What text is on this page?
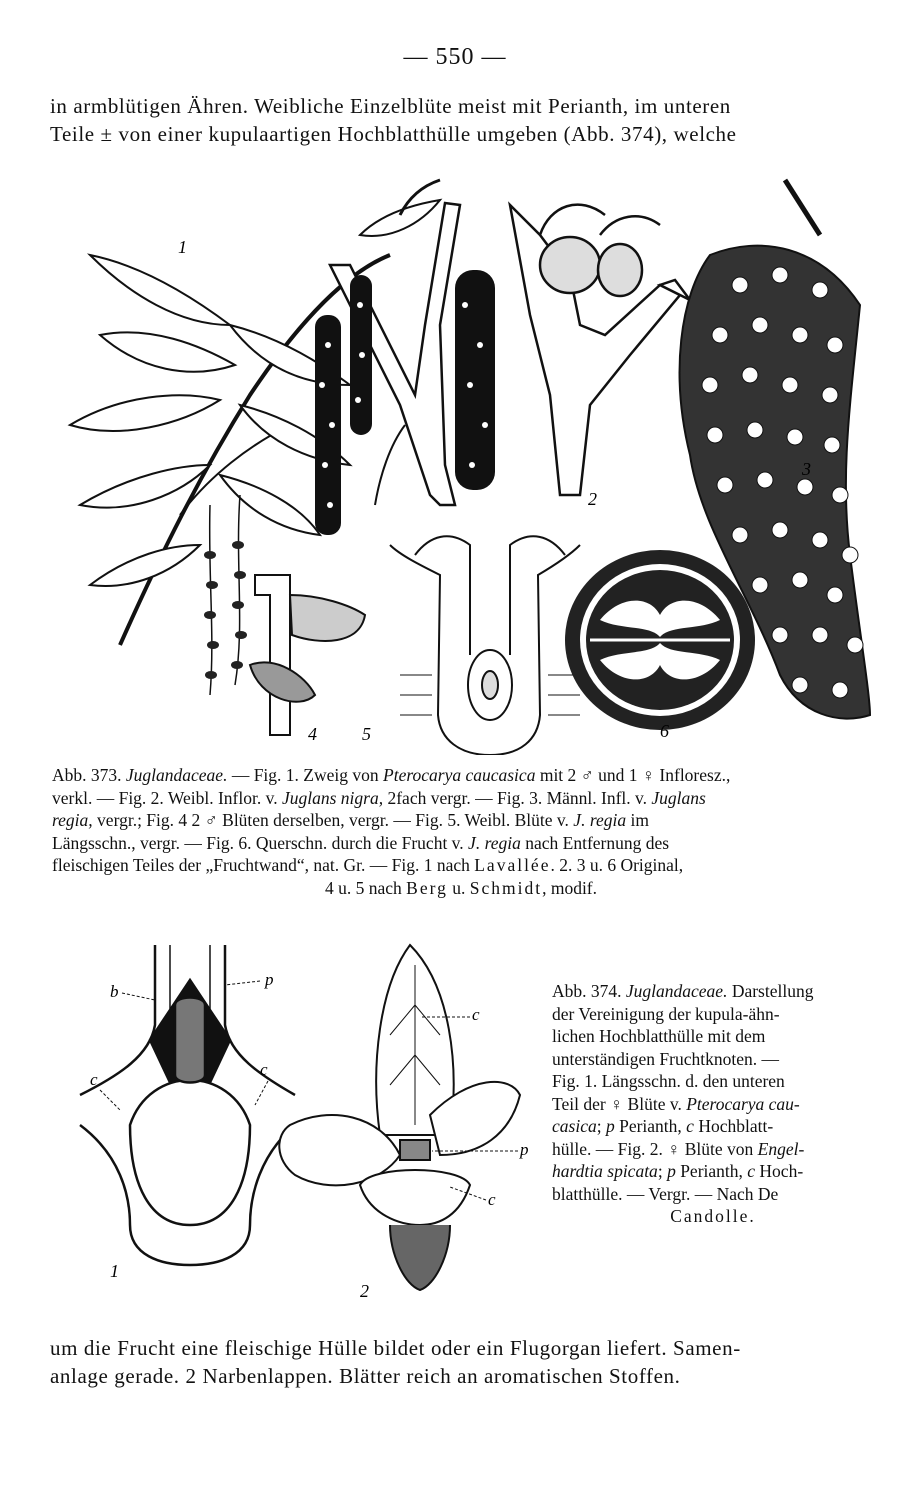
— 550 —
in armblütigen Ähren. Weibliche Einzelblüte meist mit Perianth, im unteren
Teile ± von einer kupulaartigen Hochblatthülle umgeben (Abb. 374), welche
1
2
3
4	5	6
Abb. 373. Juglandaceae. — Fig. 1. Zweig von Pterocarya caucasica mit 2 ♂ und 1 ♀ Infloresz.,
verkl. — Fig. 2. Weibl. Inflor. v. Juglans nigra, 2fach vergr. — Fig. 3. Männl. Infl. v. Juglans
regia, vergr.; Fig. 4 2 ♂ Blüten derselben, vergr. — Fig. 5. Weibl. Blüte v. J. regia im
Längsschn., vergr. — Fig. 6. Querschn. durch die Frucht v. J. regia nach Entfernung des
fleischigen Teiles der „Fruchtwand“, nat. Gr. — Fig. 1 nach Lavallée. 2. 3 u. 6 Original,
4 u. 5 nach Berg u. Schmidt, modif.
b
p
c
c
1
c
p
c
2
Abb. 374. Juglandaceae. Darstellung
der Vereinigung der kupula-ähn-
lichen Hochblatthülle mit dem
unterständigen Fruchtknoten. —
Fig. 1. Längsschn. d. den unteren
Teil der ♀ Blüte v. Pterocarya cau-
casica; p Perianth, c Hochblatt-
hülle. — Fig. 2. ♀ Blüte von Engel-
hardtia spicata; p Perianth, c Hoch-
blatthülle. — Vergr. — Nach De
Candolle.
um die Frucht eine fleischige Hülle bildet oder ein Flugorgan liefert. Samen-
anlage gerade. 2 Narbenlappen. Blätter reich an aromatischen Stoffen.
